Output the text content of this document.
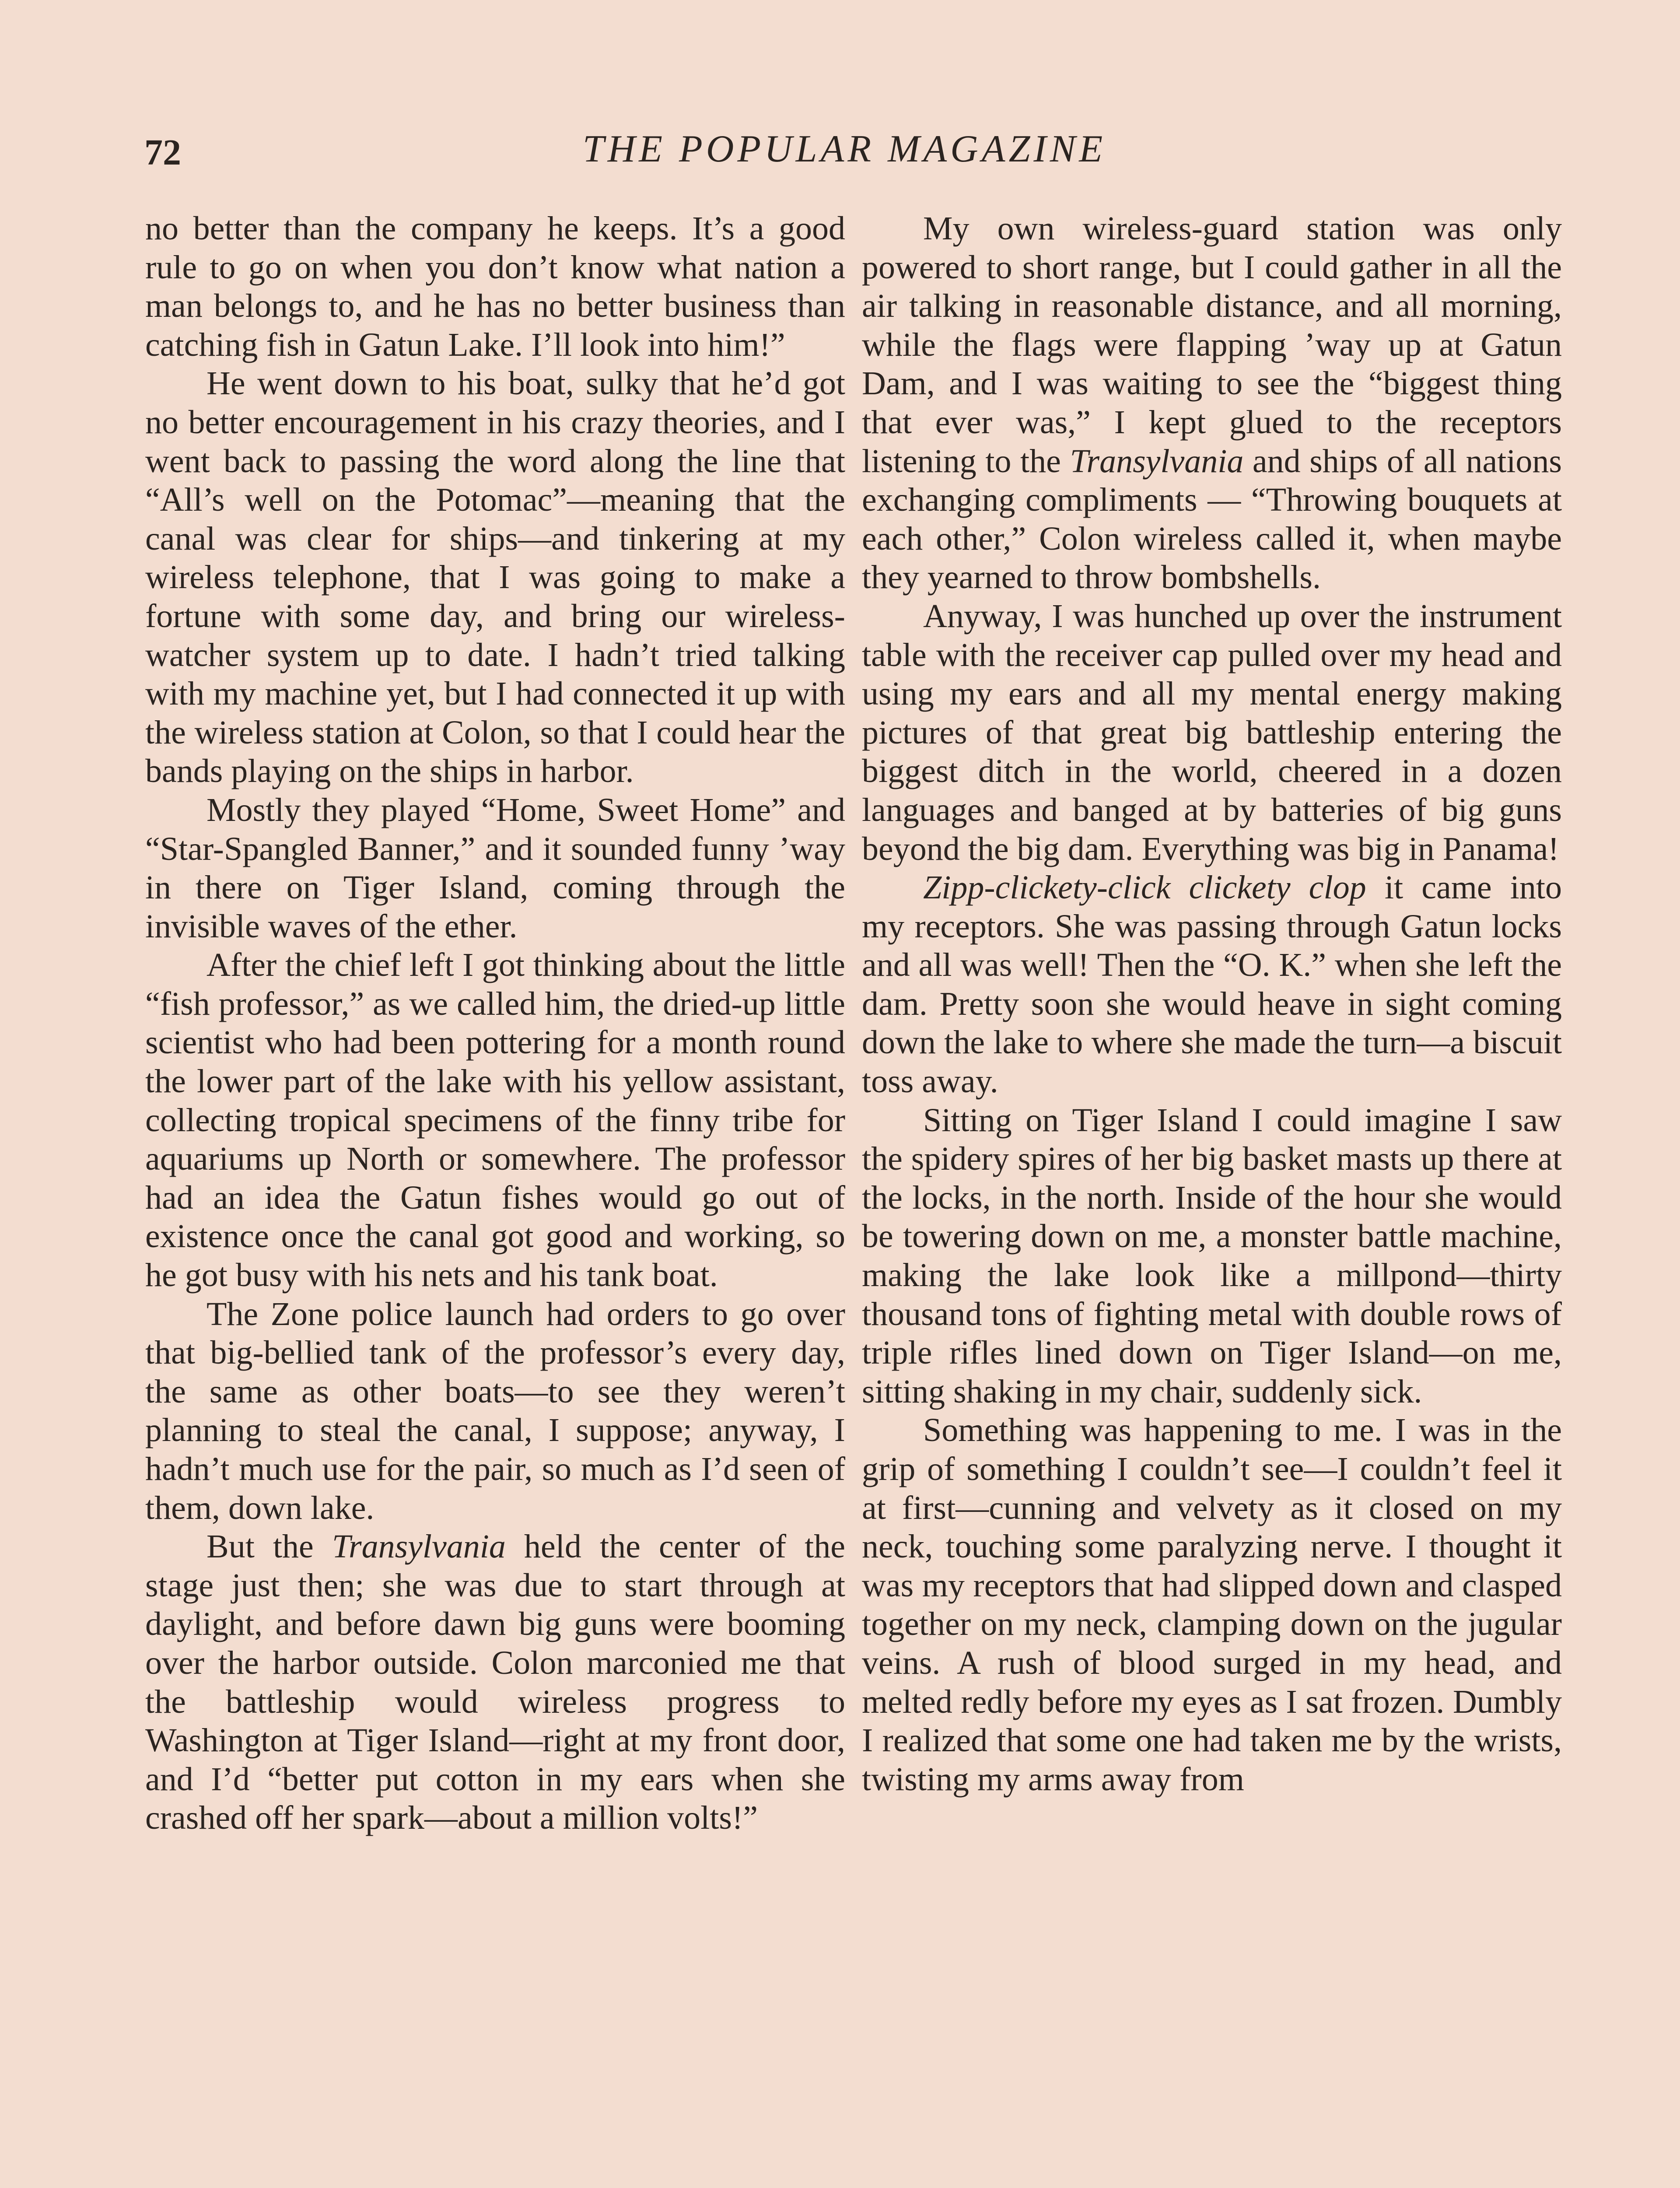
72	THE POPULAR MAGAZINE

no better than the company he keeps. It’s a good rule to go on when you don’t know what nation a man belongs to, and he has no better business than catching fish in Gatun Lake. I’ll look into him!”

He went down to his boat, sulky that he’d got no better encouragement in his crazy theories, and I went back to passing the word along the line that “All’s well on the Potomac”—meaning that the canal was clear for ships—and tinkering at my wireless telephone, that I was going to make a fortune with some day, and bring our wireless-watcher system up to date. I hadn’t tried talking with my machine yet, but I had connected it up with the wireless station at Colon, so that I could hear the bands playing on the ships in harbor.

Mostly they played “Home, Sweet Home” and “Star-Spangled Banner,” and it sounded funny ’way in there on Tiger Island, coming through the invisible waves of the ether.

After the chief left I got thinking about the little “fish professor,” as we called him, the dried-up little scientist who had been pottering for a month round the lower part of the lake with his yellow assistant, collecting tropical specimens of the finny tribe for aquariums up North or somewhere. The professor had an idea the Gatun fishes would go out of existence once the canal got good and working, so he got busy with his nets and his tank boat.

The Zone police launch had orders to go over that big-bellied tank of the professor’s every day, the same as other boats—to see they weren’t planning to steal the canal, I suppose; anyway, I hadn’t much use for the pair, so much as I’d seen of them, down lake.

But the Transylvania held the center of the stage just then; she was due to start through at daylight, and before dawn big guns were booming over the harbor outside. Colon marconied me that the battleship would wireless progress to Washington at Tiger Island—right at my front door, and I’d “better put cotton in my ears when she crashed off her spark—about a million volts!”

My own wireless-guard station was only powered to short range, but I could gather in all the air talking in reasonable distance, and all morning, while the flags were flapping ’way up at Gatun Dam, and I was waiting to see the “biggest thing that ever was,” I kept glued to the receptors listening to the Transylvania and ships of all nations exchanging compliments — “Throwing bouquets at each other,” Colon wireless called it, when maybe they yearned to throw bombshells.

Anyway, I was hunched up over the instrument table with the receiver cap pulled over my head and using my ears and all my mental energy making pictures of that great big battleship entering the biggest ditch in the world, cheered in a dozen languages and banged at by batteries of big guns beyond the big dam. Everything was big in Panama!

Zipp-clickety-click clickety clop it came into my receptors. She was passing through Gatun locks and all was well! Then the “O. K.” when she left the dam. Pretty soon she would heave in sight coming down the lake to where she made the turn—a biscuit toss away.

Sitting on Tiger Island I could imagine I saw the spidery spires of her big basket masts up there at the locks, in the north. Inside of the hour she would be towering down on me, a monster battle machine, making the lake look like a millpond—thirty thousand tons of fighting metal with double rows of triple rifles lined down on Tiger Island—on me, sitting shaking in my chair, suddenly sick.

Something was happening to me. I was in the grip of something I couldn’t see—I couldn’t feel it at first—cunning and velvety as it closed on my neck, touching some paralyzing nerve. I thought it was my receptors that had slipped down and clasped together on my neck, clamping down on the jugular veins. A rush of blood surged in my head, and melted redly before my eyes as I sat frozen. Dumbly I realized that some one had taken me by the wrists, twisting my arms away from
